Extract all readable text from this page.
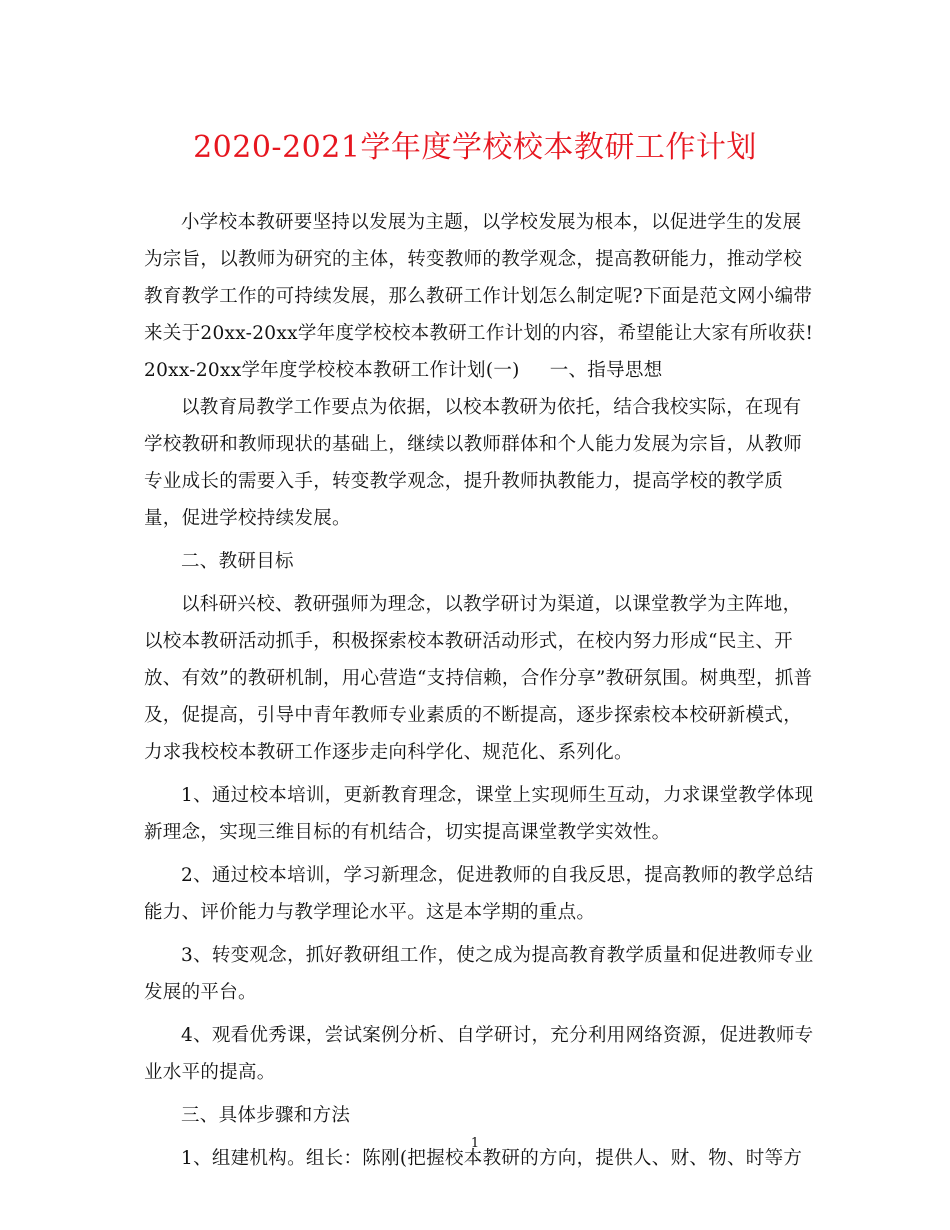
2020-2021学年度学校校本教研工作计划

小学校本教研要坚持以发展为主题，以学校发展为根本，以促进学生的发展为宗旨，以教师为研究的主体，转变教师的教学观念，提高教研能力，推动学校教育教学工作的可持续发展，那么教研工作计划怎么制定呢?下面是范文网小编带来关于20xx-20xx学年度学校校本教研工作计划的内容，希望能让大家有所收获!

20xx-20xx学年度学校校本教研工作计划(一) 一、指导思想

以教育局教学工作要点为依据，以校本教研为依托，结合我校实际，在现有学校教研和教师现状的基础上，继续以教师群体和个人能力发展为宗旨，从教师专业成长的需要入手，转变教学观念，提升教师执教能力，提高学校的教学质量，促进学校持续发展。

二、教研目标

以科研兴校、教研强师为理念，以教学研讨为渠道，以课堂教学为主阵地，以校本教研活动抓手，积极探索校本教研活动形式，在校内努力形成“民主、开放、有效”的教研机制，用心营造“支持信赖，合作分享”教研氛围。树典型，抓普及，促提高，引导中青年教师专业素质的不断提高，逐步探索校本校研新模式，力求我校校本教研工作逐步走向科学化、规范化、系列化。

1、通过校本培训，更新教育理念，课堂上实现师生互动，力求课堂教学体现新理念，实现三维目标的有机结合，切实提高课堂教学实效性。

2、通过校本培训，学习新理念，促进教师的自我反思，提高教师的教学总结能力、评价能力与教学理论水平。这是本学期的重点。

3、转变观念，抓好教研组工作，使之成为提高教育教学质量和促进教师专业发展的平台。

4、观看优秀课，尝试案例分析、自学研讨，充分利用网络资源，促进教师专业水平的提高。

三、具体步骤和方法

1、组建机构。组长：陈刚(把握校本教研的方向，提供人、财、物、时等方

1
